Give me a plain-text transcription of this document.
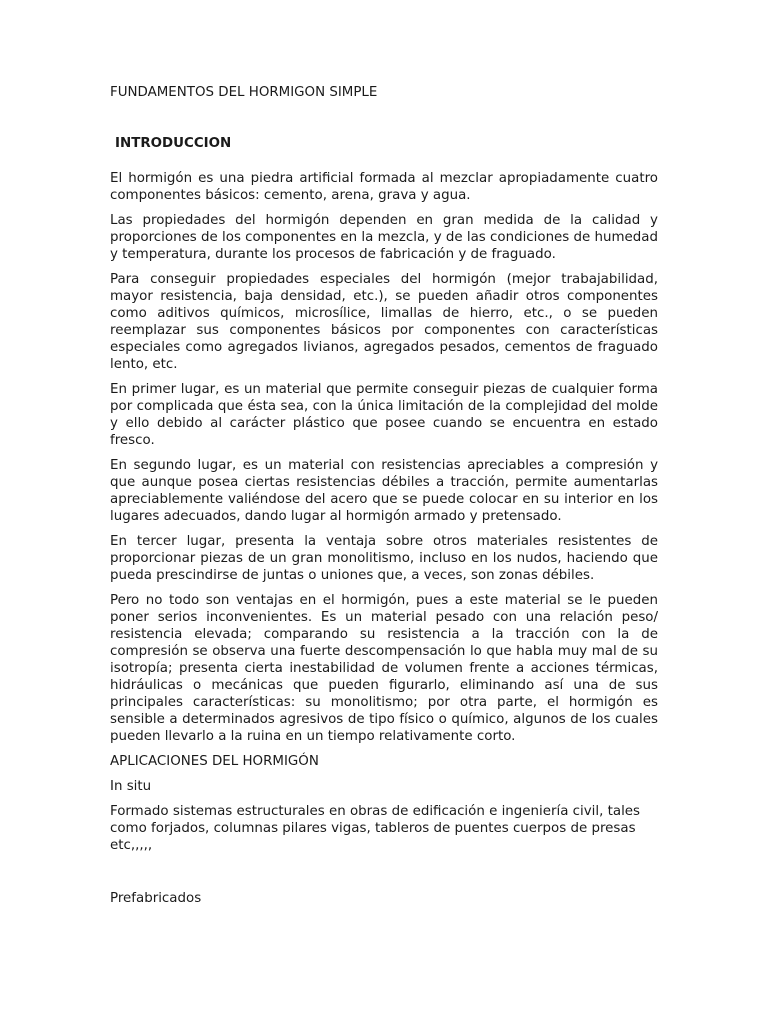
FUNDAMENTOS DEL HORMIGON SIMPLE
INTRODUCCION

El hormigón es una piedra artificial formada al mezclar apropiadamente cuatro componentes básicos: cemento, arena, grava y agua.

Las propiedades del hormigón dependen en gran medida de la calidad y proporciones de los componentes en la mezcla, y de las condiciones de humedad y temperatura, durante los procesos de fabricación y de fraguado.

Para conseguir propiedades especiales del hormigón (mejor trabajabilidad, mayor resistencia, baja densidad, etc.), se pueden añadir otros componentes como aditivos químicos, microsílice, limallas de hierro, etc., o se pueden reemplazar sus componentes básicos por componentes con características especiales como agregados livianos, agregados pesados, cementos de fraguado lento, etc.

En primer lugar, es un material que permite conseguir piezas de cualquier forma por complicada que ésta sea, con la única limitación de la complejidad del molde y ello debido al carácter plástico que posee cuando se encuentra en estado fresco.

En segundo lugar, es un material con resistencias apreciables a compresión y que aunque posea ciertas resistencias débiles a tracción, permite aumentarlas apreciablemente valiéndose del acero que se puede colocar en su interior en los lugares adecuados, dando lugar al hormigón armado y pretensado.

En tercer lugar, presenta la ventaja sobre otros materiales resistentes de proporcionar piezas de un gran monolitismo, incluso en los nudos, haciendo que pueda prescindirse de juntas o uniones que, a veces, son zonas débiles.

Pero no todo son ventajas en el hormigón, pues a este material se le pueden poner serios inconvenientes. Es un material pesado con una relación peso/ resistencia elevada; comparando su resistencia a la tracción con la de compresión se observa una fuerte descompensación lo que habla muy mal de su isotropía; presenta cierta inestabilidad de volumen frente a acciones térmicas, hidráulicas o mecánicas que pueden figurarlo, eliminando así una de sus principales características: su monolitismo; por otra parte, el hormigón es sensible a determinados agresivos de tipo físico o químico, algunos de los cuales pueden llevarlo a la ruina en un tiempo relativamente corto.

APLICACIONES DEL HORMIGÓN

In situ

Formado sistemas estructurales en obras de edificación e ingeniería civil, tales como forjados, columnas pilares vigas, tableros de puentes cuerpos de presas etc,,,,,

Prefabricados
